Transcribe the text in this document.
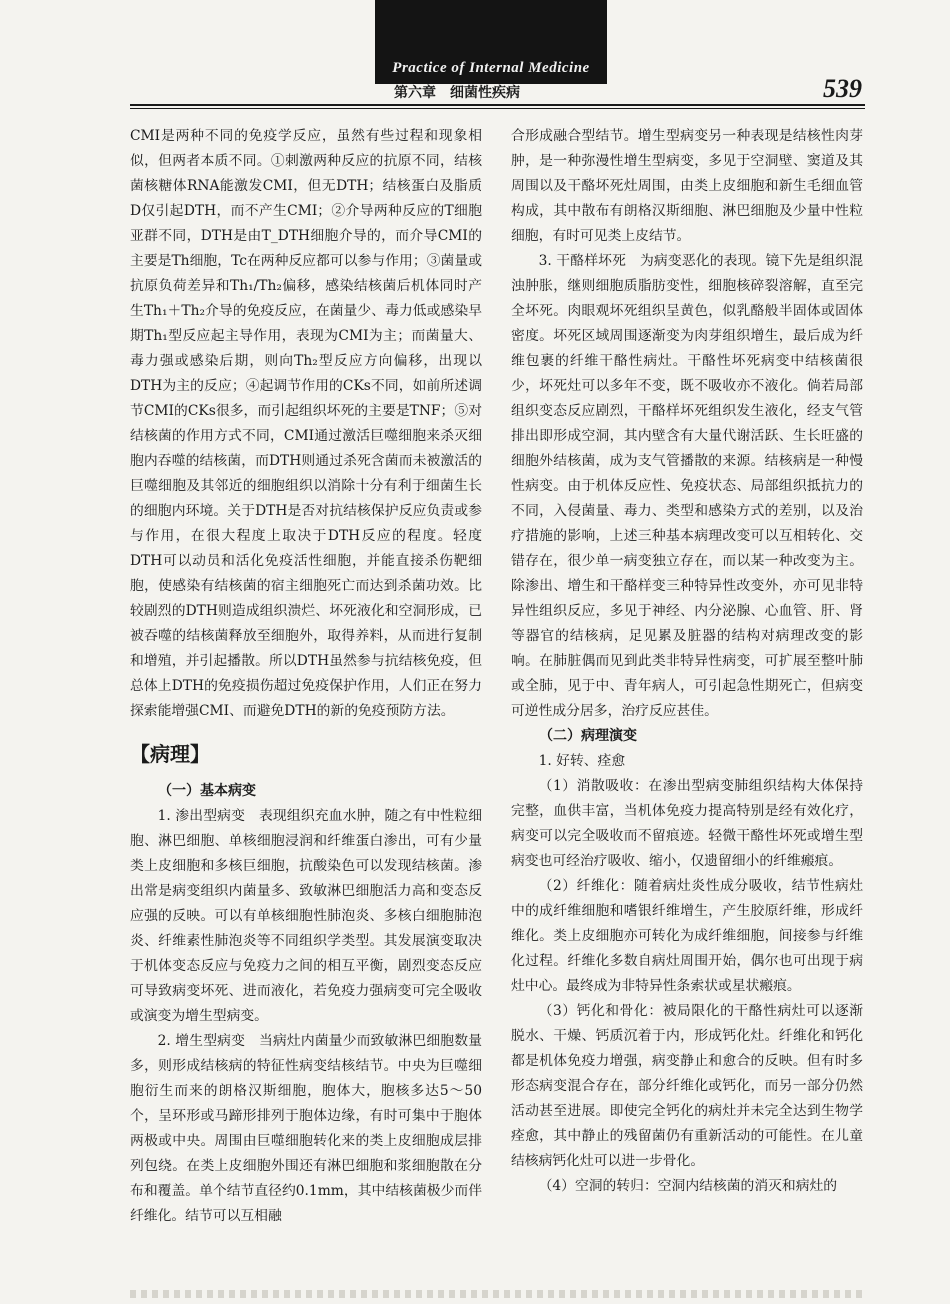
Practice of Internal Medicine
第六章 细菌性疾病	539

CMI是两种不同的免疫学反应，虽然有些过程和现象相似，但两者本质不同。①刺激两种反应的抗原不同，结核菌核糖体RNA能激发CMI，但无DTH；结核蛋白及脂质D仅引起DTH，而不产生CMI；②介导两种反应的T细胞亚群不同，DTH是由T_DTH细胞介导的，而介导CMI的主要是Th细胞，Tc在两种反应都可以参与作用；③菌量或抗原负荷差异和Th₁/Th₂偏移，感染结核菌后机体同时产生Th₁＋Th₂介导的免疫反应，在菌量少、毒力低或感染早期Th₁型反应起主导作用，表现为CMI为主；而菌量大、毒力强或感染后期，则向Th₂型反应方向偏移，出现以DTH为主的反应；④起调节作用的CKs不同，如前所述调节CMI的CKs很多，而引起组织坏死的主要是TNF；⑤对结核菌的作用方式不同，CMI通过激活巨噬细胞来杀灭细胞内吞噬的结核菌，而DTH则通过杀死含菌而未被激活的巨噬细胞及其邻近的细胞组织以消除十分有利于细菌生长的细胞内环境。关于DTH是否对抗结核保护反应负责或参与作用，在很大程度上取决于DTH反应的程度。轻度DTH可以动员和活化免疫活性细胞，并能直接杀伤靶细胞，使感染有结核菌的宿主细胞死亡而达到杀菌功效。比较剧烈的DTH则造成组织溃烂、坏死液化和空洞形成，已被吞噬的结核菌释放至细胞外，取得养料，从而进行复制和增殖，并引起播散。所以DTH虽然参与抗结核免疫，但总体上DTH的免疫损伤超过免疫保护作用，人们正在努力探索能增强CMI、而避免DTH的新的免疫预防方法。

【病理】

（一）基本病变

1. 渗出型病变　表现组织充血水肿，随之有中性粒细胞、淋巴细胞、单核细胞浸润和纤维蛋白渗出，可有少量类上皮细胞和多核巨细胞，抗酸染色可以发现结核菌。渗出常是病变组织内菌量多、致敏淋巴细胞活力高和变态反应强的反映。可以有单核细胞性肺泡炎、多核白细胞肺泡炎、纤维素性肺泡炎等不同组织学类型。其发展演变取决于机体变态反应与免疫力之间的相互平衡，剧烈变态反应可导致病变坏死、进而液化，若免疫力强病变可完全吸收或演变为增生型病变。

2. 增生型病变　当病灶内菌量少而致敏淋巴细胞数量多，则形成结核病的特征性病变结核结节。中央为巨噬细胞衍生而来的朗格汉斯细胞，胞体大，胞核多达5～50个，呈环形或马蹄形排列于胞体边缘，有时可集中于胞体两极或中央。周围由巨噬细胞转化来的类上皮细胞成层排列包绕。在类上皮细胞外围还有淋巴细胞和浆细胞散在分布和覆盖。单个结节直径约0.1mm，其中结核菌极少而伴纤维化。结节可以互相融

合形成融合型结节。增生型病变另一种表现是结核性肉芽肿，是一种弥漫性增生型病变，多见于空洞壁、窦道及其周围以及干酪坏死灶周围，由类上皮细胞和新生毛细血管构成，其中散布有朗格汉斯细胞、淋巴细胞及少量中性粒细胞，有时可见类上皮结节。

3. 干酪样坏死　为病变恶化的表现。镜下先是组织混浊肿胀，继则细胞质脂肪变性，细胞核碎裂溶解，直至完全坏死。肉眼观坏死组织呈黄色，似乳酪般半固体或固体密度。坏死区域周围逐渐变为肉芽组织增生，最后成为纤维包裹的纤维干酪性病灶。干酪性坏死病变中结核菌很少，坏死灶可以多年不变，既不吸收亦不液化。倘若局部组织变态反应剧烈，干酪样坏死组织发生液化，经支气管排出即形成空洞，其内壁含有大量代谢活跃、生长旺盛的细胞外结核菌，成为支气管播散的来源。结核病是一种慢性病变。由于机体反应性、免疫状态、局部组织抵抗力的不同，入侵菌量、毒力、类型和感染方式的差别，以及治疗措施的影响，上述三种基本病理改变可以互相转化、交错存在，很少单一病变独立存在，而以某一种改变为主。除渗出、增生和干酪样变三种特异性改变外，亦可见非特异性组织反应，多见于神经、内分泌腺、心血管、肝、肾等器官的结核病，足见累及脏器的结构对病理改变的影响。在肺脏偶而见到此类非特异性病变，可扩展至整叶肺或全肺，见于中、青年病人，可引起急性期死亡，但病变可逆性成分居多，治疗反应甚佳。

（二）病理演变

1. 好转、痊愈

（1）消散吸收：在渗出型病变肺组织结构大体保持完整，血供丰富，当机体免疫力提高特别是经有效化疗，病变可以完全吸收而不留痕迹。轻微干酪性坏死或增生型病变也可经治疗吸收、缩小，仅遗留细小的纤维瘢痕。

（2）纤维化：随着病灶炎性成分吸收，结节性病灶中的成纤维细胞和嗜银纤维增生，产生胶原纤维，形成纤维化。类上皮细胞亦可转化为成纤维细胞，间接参与纤维化过程。纤维化多数自病灶周围开始，偶尔也可出现于病灶中心。最终成为非特异性条索状或星状瘢痕。

（3）钙化和骨化：被局限化的干酪性病灶可以逐渐脱水、干燥、钙质沉着于内，形成钙化灶。纤维化和钙化都是机体免疫力增强，病变静止和愈合的反映。但有时多形态病变混合存在，部分纤维化或钙化，而另一部分仍然活动甚至进展。即使完全钙化的病灶并未完全达到生物学痊愈，其中静止的残留菌仍有重新活动的可能性。在儿童结核病钙化灶可以进一步骨化。

（4）空洞的转归：空洞内结核菌的消灭和病灶的
